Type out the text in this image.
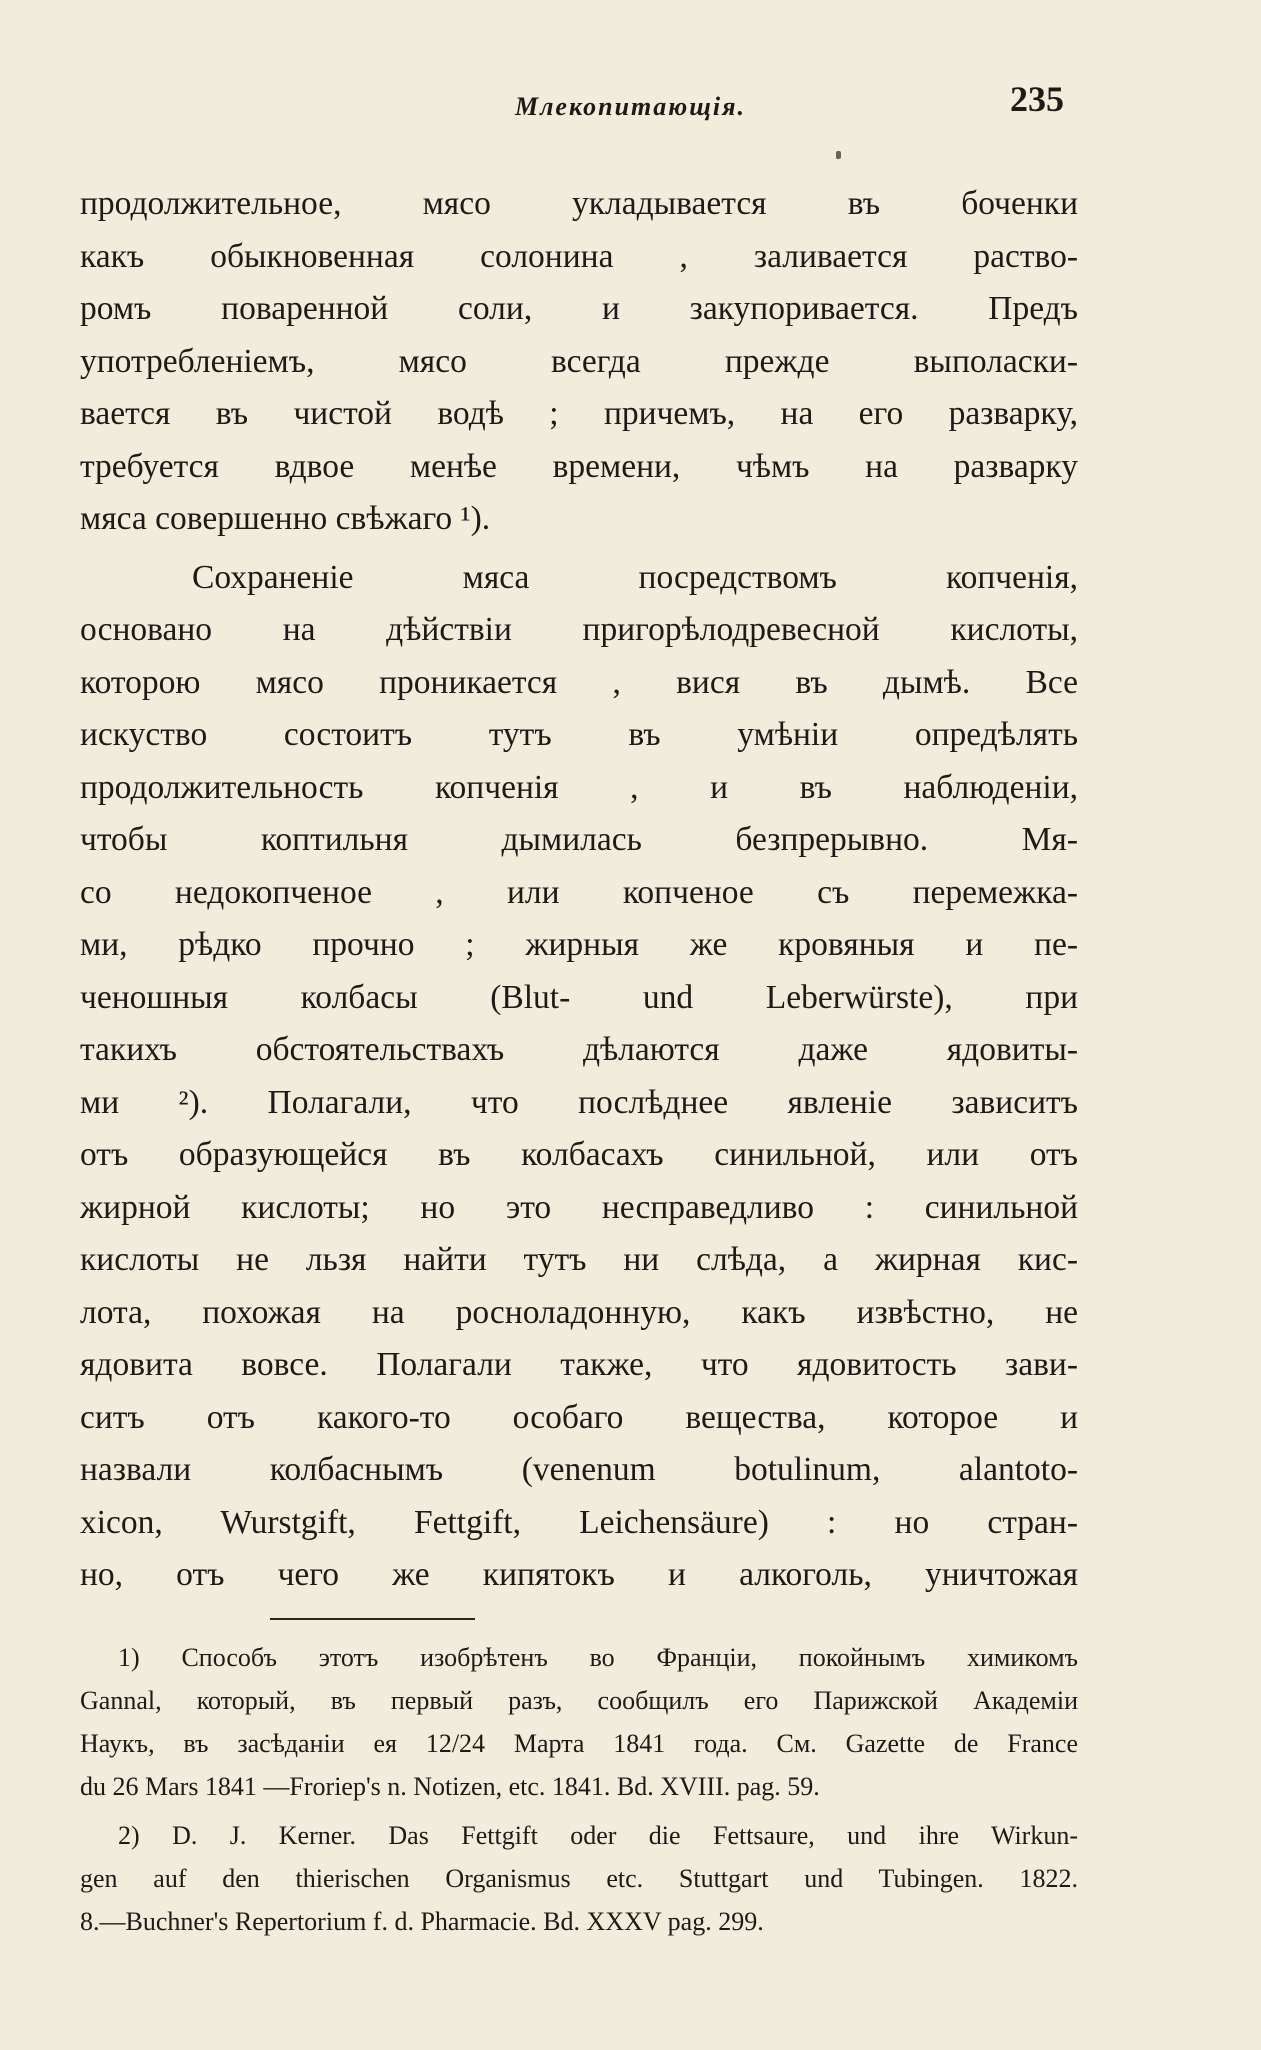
Млекопитающія.	235
продолжительное, мясо укладывается въ боченки
какъ обыкновенная солонина , заливается раство-
ромъ поваренной соли, и закупоривается. Предъ
употребленіемъ, мясо всегда прежде выполаски-
вается въ чистой водѣ ; причемъ, на его разварку,
требуется вдвое менѣе времени, чѣмъ на разварку
мяса совершенно свѣжаго ¹).
Сохраненіе мяса посредствомъ копченія,
основано на дѣйствіи пригорѣлодревесной кислоты,
которою мясо проникается , вися въ дымѣ. Все
искуство состоитъ тутъ въ умѣніи опредѣлять
продолжительность копченія , и въ наблюденіи,
чтобы коптильня дымилась безпрерывно. Мя-
со недокопченое , или копченое съ перемежка-
ми, рѣдко прочно ; жирныя же кровяныя и пе-
ченошныя колбасы (Blut- und Leberwürste), при
такихъ обстоятельствахъ дѣлаются даже ядовиты-
ми ²). Полагали, что послѣднее явленіе зависитъ
отъ образующейся въ колбасахъ синильной, или отъ
жирной кислоты; но это несправедливо : синильной
кислоты не льзя найти тутъ ни слѣда, а жирная кис-
лота, похожая на росноладонную, какъ извѣстно, не
ядовита вовсе. Полагали также, что ядовитость зави-
ситъ отъ какого-то особаго вещества, которое и
назвали колбаснымъ (venenum botulinum, alantoto-
xicon, Wurstgift, Fettgift, Leichensäure) : но стран-
но, отъ чего же кипятокъ и алкоголь, уничтожая
1) Способъ этотъ изобрѣтенъ во Франціи, покойнымъ химикомъ
Gannal, который, въ первый разъ, сообщилъ его Парижской Академіи
Наукъ, въ засѣданіи ея 12/24 Марта 1841 года. См. Gazette de France
du 26 Mars 1841 —Froriep's n. Notizen, etc. 1841. Bd. XVIII. pag. 59.
2) D. J. Kerner. Das Fettgift oder die Fettsaure, und ihre Wirkun-
gen auf den thierischen Organismus etc. Stuttgart und Tubingen. 1822.
8.—Buchner's Repertorium f. d. Pharmacie. Bd. XXXV pag. 299.
